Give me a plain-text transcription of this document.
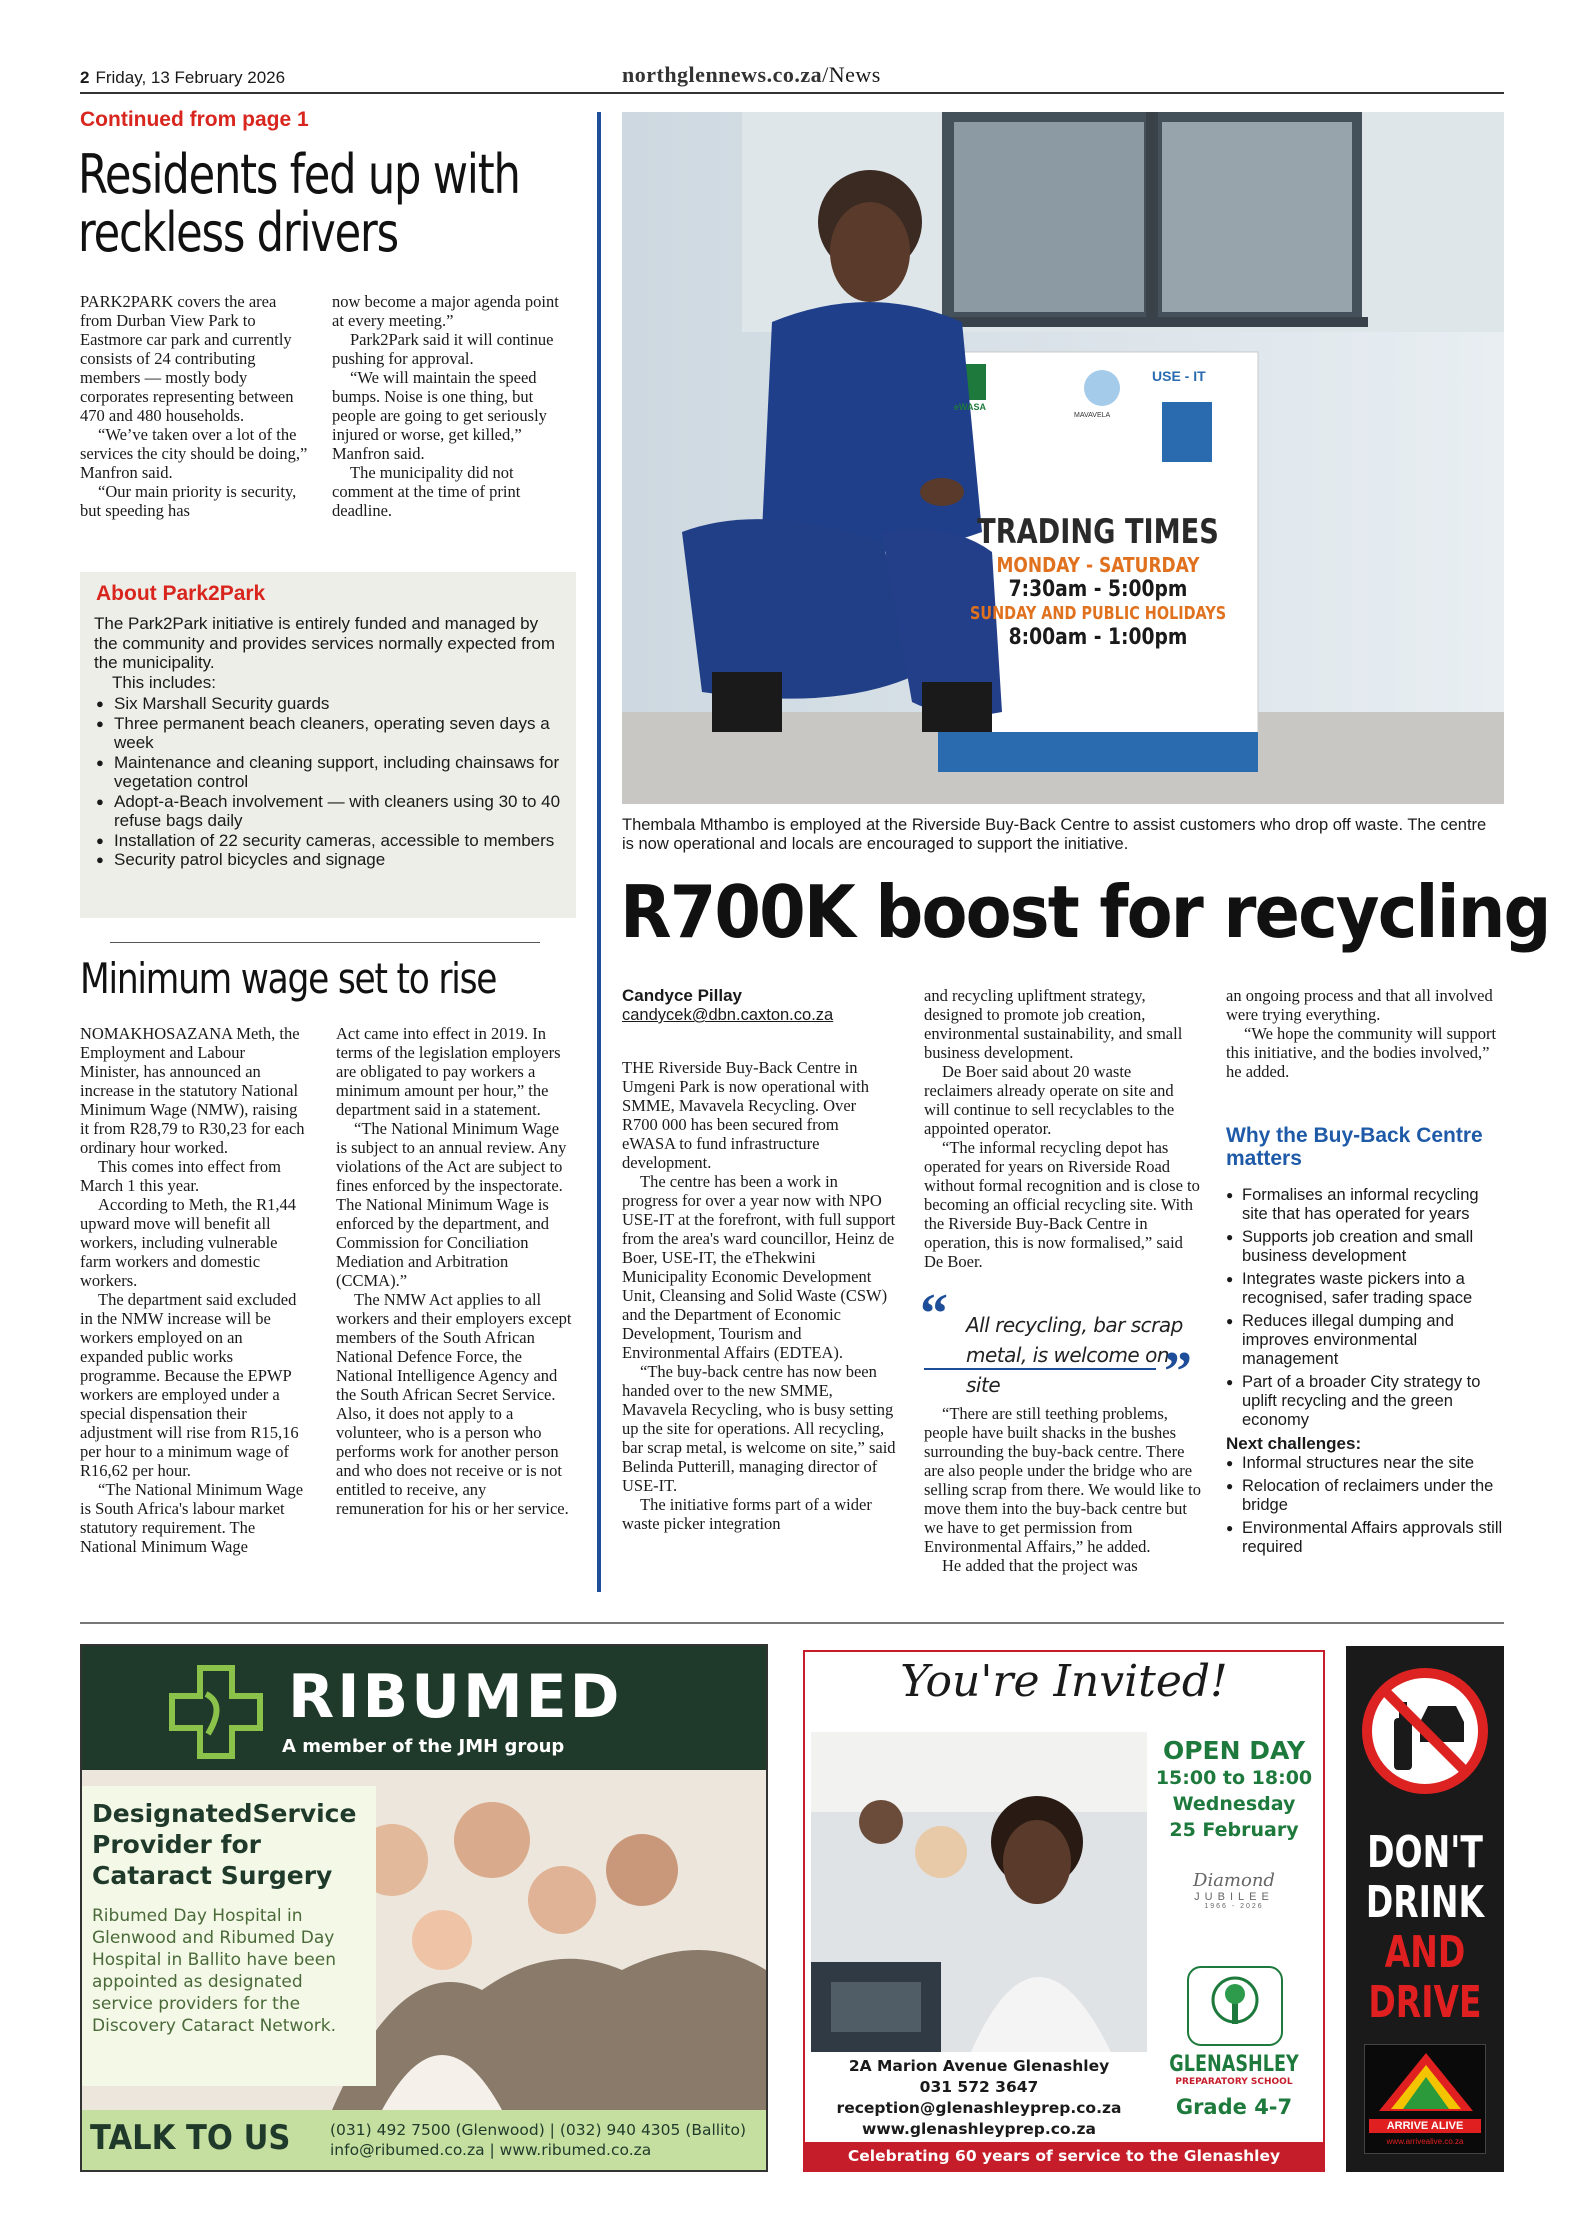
2 Friday, 13 February 2026	northglennews.co.za/News
Continued from page 1
Residents fed up with
reckless drivers

PARK2PARK covers the area from Durban View Park to Eastmore car park and currently consists of 24 contributing members — mostly body corporates representing between 470 and 480 households.

“We’ve taken over a lot of the services the city should be doing,” Manfron said.

“Our main priority is security, but speeding has

now become a major agenda point at every meeting.”

Park2Park said it will continue pushing for approval.

“We will maintain the speed bumps. Noise is one thing, but people are going to get seriously injured or worse, get killed,” Manfron said.

The municipality did not comment at the time of print deadline.

About Park2Park
The Park2Park initiative is entirely funded and managed by the community and provides services normally expected from the municipality.
This includes:
● Six Marshall Security guards
● Three permanent beach cleaners, operating seven days a week
● Maintenance and cleaning support, including chainsaws for vegetation control
● Adopt-a-Beach involvement — with cleaners using 30 to 40 refuse bags daily
● Installation of 22 security cameras, accessible to members
● Security patrol bicycles and signage
Minimum wage set to rise

NOMAKHOSAZANA Meth, the Employment and Labour Minister, has announced an increase in the statutory National Minimum Wage (NMW), raising it from R28,79 to R30,23 for each ordinary hour worked.

This comes into effect from March 1 this year.

According to Meth, the R1,44 upward move will benefit all workers, including vulnerable farm workers and domestic workers.

The department said excluded in the NMW increase will be workers employed on an expanded public works programme. Because the EPWP workers are employed under a special dispensation their adjustment will rise from R15,16 per hour to a minimum wage of R16,62 per hour.

“The National Minimum Wage is South Africa's labour market statutory requirement. The National Minimum Wage

Act came into effect in 2019. In terms of the legislation employers are obligated to pay workers a minimum amount per hour,” the department said in a statement.

“The National Minimum Wage is subject to an annual review. Any violations of the Act are subject to fines enforced by the inspectorate. The National Minimum Wage is enforced by the department, and Commission for Conciliation Mediation and Arbitration (CCMA).”

The NMW Act applies to all workers and their employers except members of the South African National Defence Force, the National Intelligence Agency and the South African Secret Service. Also, it does not apply to a volunteer, who is a person who performs work for another person and who does not receive or is not entitled to receive, any remuneration for his or her service.

eWASA
MAVAVELA
USE - IT
TRADING TIMES
MONDAY - SATURDAY
7:30am - 5:00pm
SUNDAY AND PUBLIC HOLIDAYS
8:00am - 1:00pm
Thembala Mthambo is employed at the Riverside Buy-Back Centre to assist customers who drop off waste. The centre is now operational and locals are encouraged to support the initiative.
R700K boost for recycling
Candyce Pillay
candycek@dbn.caxton.co.za

THE Riverside Buy-Back Centre in Umgeni Park is now operational with SMME, Mavavela Recycling. Over R700 000 has been secured from eWASA to fund infrastructure development.

The centre has been a work in progress for over a year now with NPO USE-IT at the forefront, with full support from the area's ward councillor, Heinz de Boer, USE-IT, the eThekwini Municipality Economic Development Unit, Cleansing and Solid Waste (CSW) and the Department of Economic Development, Tourism and Environmental Affairs (EDTEA).

“The buy-back centre has now been handed over to the new SMME, Mavavela Recycling, who is busy setting up the site for operations. All recycling, bar scrap metal, is welcome on site,” said Belinda Putterill, managing director of USE-IT.

The initiative forms part of a wider waste picker integration

and recycling upliftment strategy, designed to promote job creation, environmental sustainability, and small business development.

De Boer said about 20 waste reclaimers already operate on site and will continue to sell recyclables to the appointed operator.

“The informal recycling depot has operated for years on Riverside Road without formal recognition and is close to becoming an official recycling site. With the Riverside Buy-Back Centre in operation, this is now formalised,” said De Boer.

“ All recycling, bar scrap metal, is welcome on site	”

“There are still teething problems, people have built shacks in the bushes surrounding the buy-back centre. There are also people under the bridge who are selling scrap from there. We would like to move them into the buy-back centre but we have to get permission from Environmental Affairs,” he added.

He added that the project was

an ongoing process and that all involved were trying everything.

“We hope the community will support this initiative, and the bodies involved,” he added.

Why the Buy-Back Centre matters
● Formalises an informal recycling site that has operated for years
● Supports job creation and small business development
● Integrates waste pickers into a recognised, safer trading space
● Reduces illegal dumping and improves environmental management
● Part of a broader City strategy to uplift recycling and the green economy
Next challenges:
● Informal structures near the site
● Relocation of reclaimers under the bridge
● Environmental Affairs approvals still required
RIBUMED
A member of the JMH group
DesignatedService Provider for Cataract Surgery
Ribumed Day Hospital in Glenwood and Ribumed Day Hospital in Ballito have been appointed as designated service providers for the Discovery Cataract Network.
TALK TO US	(031) 492 7500 (Glenwood) | (032) 940 4305 (Ballito)
info@ribumed.co.za | www.ribumed.co.za
You're Invited!
OPEN DAY
15:00 to 18:00
Wednesday
25 February
Diamond
JUBILEE
1966 - 2026
GLENASHLEY
PREPARATORY SCHOOL
Grade 4-7
2A Marion Avenue Glenashley
031 572 3647
reception@glenashleyprep.co.za
www.glenashleyprep.co.za
Celebrating 60 years of service to the Glenashley Community
DON'T
DRINK
AND
DRIVE
ARRIVE ALIVE
www.arrivealive.co.za
